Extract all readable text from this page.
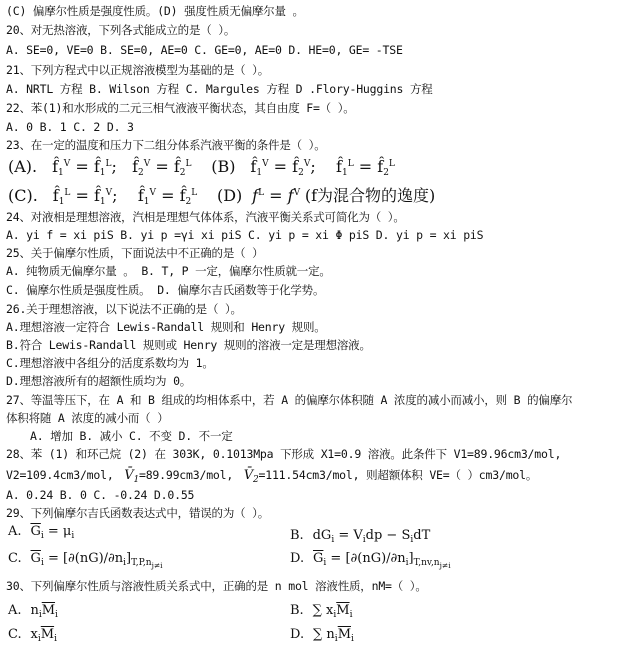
(C) 偏摩尔性质是强度性质。(D) 强度性质无偏摩尔量 。
20、对无热溶液，下列各式能成立的是（ ）。
A. SE=0, VE=0 B. SE=0, AE=0 C. GE=0, AE=0 D. HE=0, GE= -TSE
21、下列方程式中以正规溶液模型为基础的是（ ）。
A. NRTL 方程 B. Wilson 方程 C. Margules 方程 D .Flory-Huggins 方程
22、苯(1)和水形成的二元三相气液液平衡状态，其自由度 F=（ ）。
A. 0 B. 1 C. 2 D. 3
23、在一定的温度和压力下二组分体系汽液平衡的条件是（ ）。
(A).   $f̂_1^V$ = $f̂_1^L$;   $f̂_2^V$ = $f̂_2^L$ (B)   $f̂_1^V$ = $f̂_2^V$;    $f̂_1^L$ = $f̂_2^L$
(C).   $f̂_1^L$ = $f̂_1^V$;    $f̂_1^V$ = $f̂_2^L$ (D) $f^L = f^V$ (f为混合物的逸度)
24、对液相是理想溶液，汽相是理想气体体系，汽液平衡关系式可简化为（ ）。
A. yi f = xi piS B. yi p =γi xi piS C. yi p = xi Φ piS D. yi p = xi piS
25、关于偏摩尔性质，下面说法中不正确的是（ ）
A. 纯物质无偏摩尔量 。 B. T, P 一定，偏摩尔性质就一定。
C. 偏摩尔性质是强度性质。 D. 偏摩尔吉氏函数等于化学势。
26.关于理想溶液，以下说法不正确的是（ ）。
A.理想溶液一定符合 Lewis-Randall 规则和 Henry 规则。
B.符合 Lewis-Randall 规则或 Henry 规则的溶液一定是理想溶液。
C.理想溶液中各组分的活度系数均为 1。
D.理想溶液所有的超额性质均为 0。
27、等温等压下，在 A 和 B 组成的均相体系中，若 A 的偏摩尔体积随 A 浓度的减小而减小，则 B 的偏摩尔
体积将随 A 浓度的减小而（ ）
A. 增加 B. 减小 C. 不变 D. 不一定
28、苯 (1) 和环己烷 (2) 在 303K, 0.1013Mpa 下形成 X1=0.9 溶液。此条件下 V1=89.96cm3/mol,
V2=109.4cm3/mol,  $V̄_1=89.99cm3$/mol,  $V̄_2=111.54cm3$/mol, 则超额体积 VE=（ ）cm3/mol。
A. 0.24 B. 0 C. -0.24 D.0.55
29、下列偏摩尔吉氏函数表达式中，错误的为（ ）。
A. $\overline{G}_i = \mu_i$	B.  $dG_i = V_idp - S_idT$
C. $\overline{G}_i = [\partial(nG)/\partial n_i]_{T,P,n_{j\ne i}}$	D. $\overline{G}_i = [\partial(nG)/\partial n_i]_{T,nv,n_{j\ne i}}$
30、下列偏摩尔性质与溶液性质关系式中，正确的是 n mol 溶液性质，nM=（ ）。
A.  $n_i\overline{M}_i$	B.  ∑ $x_i\overline{M}_i$
C.  $x_i\overline{M}_i$	D.  ∑ $n_i\overline{M}_i$
